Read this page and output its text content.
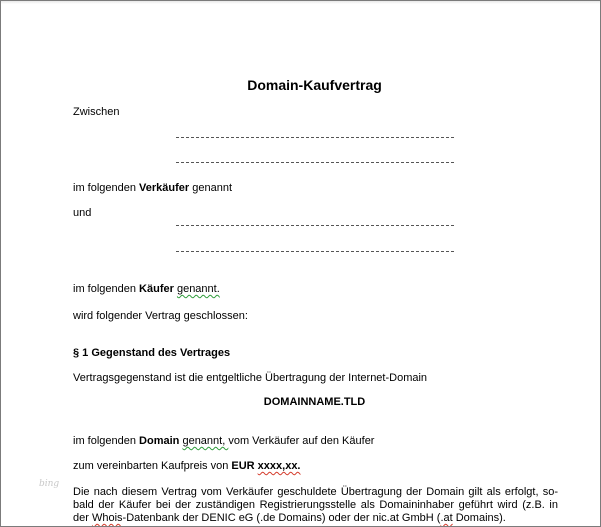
Domain-Kaufvertrag
Zwischen
im folgenden Verkäufer genannt
und
im folgenden Käufer genannt.
wird folgender Vertrag geschlossen:
§ 1 Gegenstand des Vertrages
Vertragsgegenstand ist die entgeltliche Übertragung der Internet-Domain
DOMAINNAME.TLD
im folgenden Domain genannt, vom Verkäufer auf den Käufer
zum vereinbarten Kaufpreis von EUR xxxx,xx.
bing
Die nach diesem Vertrag vom Verkäufer geschuldete Übertragung der Domain gilt als erfolgt, so-
bald der Käufer bei der zuständigen Registrierungsstelle als Domaininhaber geführt wird (z.B. in
der Whois-Datenbank der DENIC eG (.de Domains) oder der nic.at GmbH (.at Domains).
